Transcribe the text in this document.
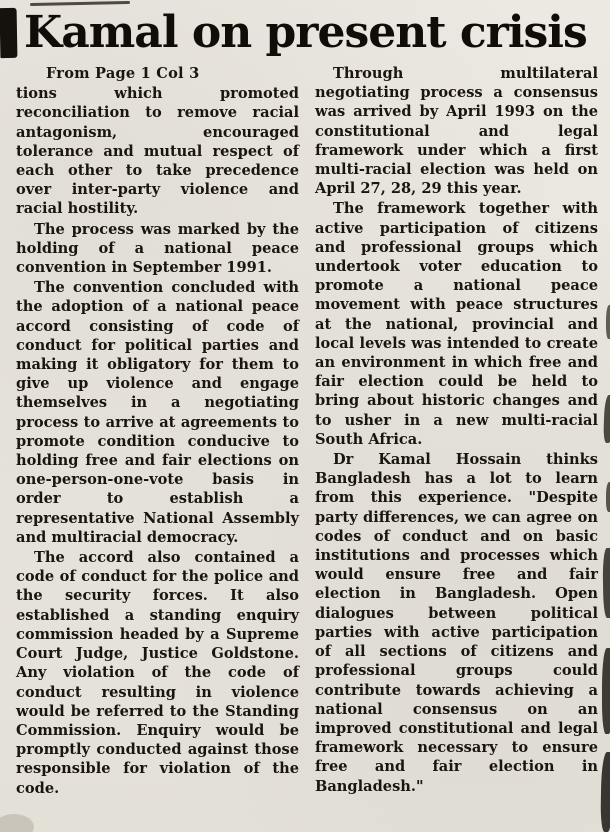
Kamal on present crisis

From Page 1 Col 3

tions which promoted reconciliation to remove racial antagonism, encouraged tolerance and mutual respect of each other to take precedence over inter-party violence and racial hostility.

The process was marked by the holding of a national peace convention in September 1991.

The convention concluded with the adoption of a national peace accord consisting of code of conduct for political parties and making it obligatory for them to give up violence and engage themselves in a negotiating process to arrive at agreements to promote condition conducive to holding free and fair elections on one-person-one-vote basis in order to establish a representative National Assembly and multiracial democracy.

The accord also contained a code of conduct for the police and the security forces. It also established a standing enquiry commission headed by a Supreme Court Judge, Justice Goldstone. Any violation of the code of conduct resulting in violence would be referred to the Standing Commission. Enquiry would be promptly conducted against those responsible for violation of the code.

Through multilateral negotiating process a consensus was arrived by April 1993 on the constitutional and legal framework under which a first multi-racial election was held on April 27, 28, 29 this year.

The framework together with active participation of citizens and professional groups which undertook voter education to promote a national peace movement with peace structures at the national, provincial and local levels was intended to create an environment in which free and fair election could be held to bring about historic changes and to usher in a new multi-racial South Africa.

Dr Kamal Hossain thinks Bangladesh has a lot to learn from this experience. "Despite party differences, we can agree on codes of conduct and on basic institutions and processes which would ensure free and fair election in Bangladesh. Open dialogues between political parties with active participation of all sections of citizens and professional groups could contribute towards achieving a national consensus on an improved constitutional and legal framework necessary to ensure free and fair election in Bangladesh."
